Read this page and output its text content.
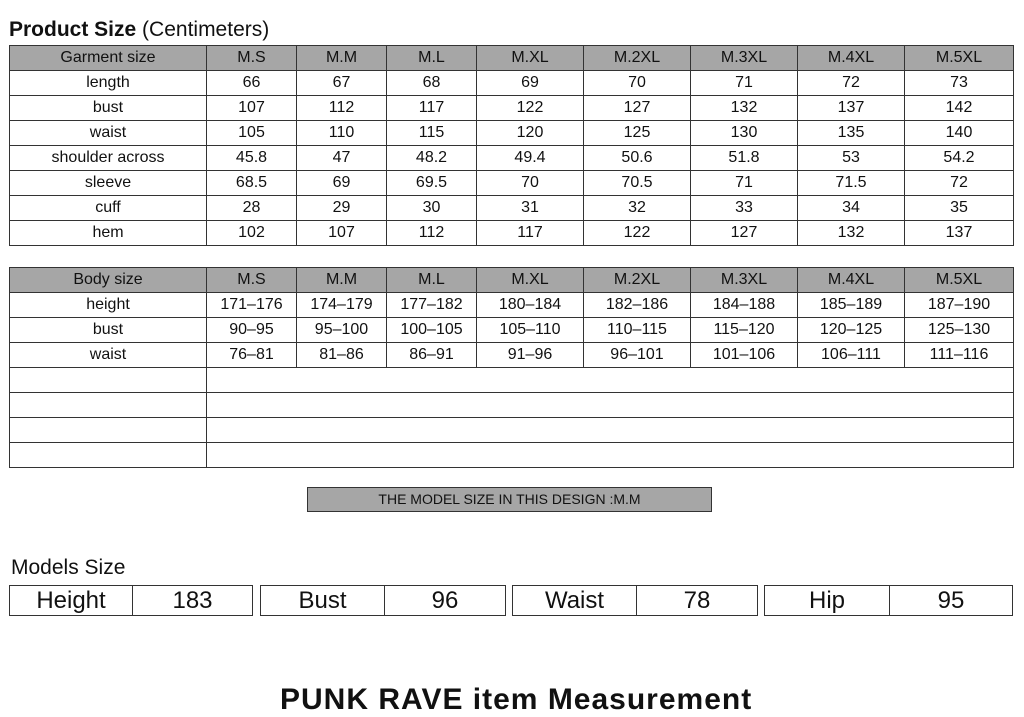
Product Size (Centimeters)
Garment size	M.S	M.M	M.L	M.XL	M.2XL	M.3XL	M.4XL	M.5XL
length	66	67	68	69	70	71	72	73
bust	107	112	117	122	127	132	137	142
waist	105	110	115	120	125	130	135	140
shoulder across	45.8	47	48.2	49.4	50.6	51.8	53	54.2
sleeve	68.5	69	69.5	70	70.5	71	71.5	72
cuff	28	29	30	31	32	33	34	35
hem	102	107	112	117	122	127	132	137
Body size	M.S	M.M	M.L	M.XL	M.2XL	M.3XL	M.4XL	M.5XL
height	171–176	174–179	177–182	180–184	182–186	184–188	185–189	187–190
bust	90–95	95–100	100–105	105–110	110–115	115–120	120–125	125–130
waist	76–81	81–86	86–91	91–96	96–101	101–106	106–111	111–116

THE MODEL SIZE IN THIS DESIGN :M.M
Models Size
Height	183	Bust	96	Waist	78	Hip	95
PUNK RAVE item Measurement
